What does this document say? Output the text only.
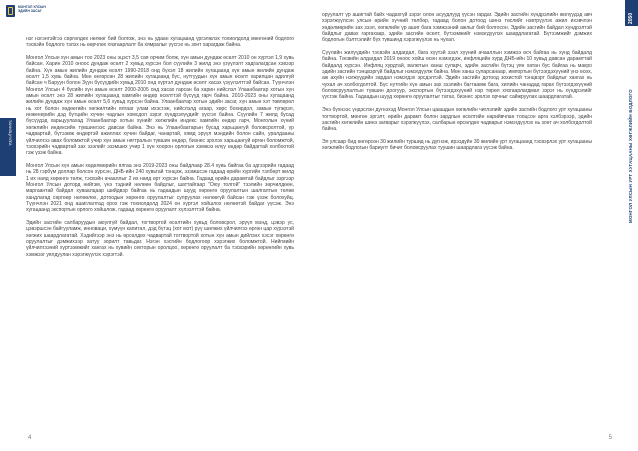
МОНГОЛ УЛСЫН
ЭДИЙН ЗАСАГ
ТАНИЛЦУУЛГА

нэг нэгэнтэйгээ сөргөлдөх нөлөөг бий болгож, энэ нь удаан хугацаанд үргэлжлэх тохиолдолд мөнгөний бодлого тэсвэйн бодлого тэлэх нь өөрчлөх хязгаарлалт ба хямралыг үүсгэх нь зонт харагдаж байна.

Монгол Улсын хүн амын тоо 2023 оны эцэст 3,5 сая орчим болж, хүн амын дундаж өсөлт 2010 он хүртэл 1,9 хувь байсан. Харин 2010 оноос дундаж өсөлт 2 хувьд хүрсэн бол сүүлийн 3 жилд энэ үзүүлэлт хадгалагдсан хэвээр байна. Хүн амын жилийн дундаж өсөлт 1990-2018 онд бүхэл 18 жилийн хугацаанд хүн амын жилийн дундаж өсөлт 1,5 хувь байна. Мөн өнгөрсөн 28 жилийн хугацаанд бүс, нутгуудын хүн амын өсөлт харилцан адилгүй байсан ч Баруун болон Зүүн бүсүүдийн хувьд 2010 онд хүртэл дундаж өсөлт хасах үзүүлэлттэй байсан. Түүнчлэн Монгол Улсын 4 бүсийн хүн амын өсөлт 2000-2005 онд хасах гарсан ба харин нийслэл Улаанбаатар хотын хүн амын өсөлт энэ 28 жилийн хугацаанд хамгийн өндөр өсөлттэй бүсүүд гарч байна. 2010-2023 оны хугацаанд жилийн дундаж хүн амын өсөлт 5,6 хувьд хүрсэн байна. Улаанбаатар хотын эдийн засаг, хүн амын хэт төвлөрөл нь хот болон хөдөөгийн хөгжилтийн ялгааг улам ихэсгэж, нийслэлд агаар, хөрс бохирдол, замын түгжрэл, инженерийн дэд бүтцийн хүчин чадлын хомсдол зэрэг хүндрэлүүдийг үүсгэх байна. Сүүлийн 7 жилд бусад бүсүүдэд харьцуулахад Улаанбаатар хотын хүнийг хөгжлийн индекс хамгийн өндөр гарч, Монголын хүний хөгжлийн индексийн түвшингээс давсан байна. Энэ нь Улаанбаатарын бусад харьцангуй боловсролтой, үр чадвартай, бүтээмж өндөртэй ажиллах хүчин байдаг, чанартай, хямд эрүүл мэндийн болон сайн, уралдааны үйлчилгээ авах боломжтой учир хүн амын нягтралын түвшин өндөр, бизнес эрхлэх харьцангуй өргөн боломжтой, тэсвэрийн чадвартай зах зээлийг эзэмших учир 1 хүн хоорон орлогын хэмжээ илүү өндөр байдагтай холбоотой гэж үзэж байна.

Монгол Улсын хүн амын хөдөлмөрийн ялгаа энэ 2019-2023 оны байдлаар 28.4 хувь байгаа ба эдгээрийн гадаад нь 28 гэрбүм доллар болсон хүрсэн, ДНБ-ийн 240 хувьтай тэнцэж, эзэмшсэн гадаад өрийн хүргийн тэлбөрт жилд 1 их наяд хөрөнгө төлж, тэсвэйн ачааллыг 2 их наяд өрт хүрсэн байна. Гадаад өрийн дарамтай байдлыг зэргээр Монгол Улсын доторд нийгэм, үнэ тэдний нөлөөн байдлыг, шаттайгаар "Оюу толгой" тээлийн зөрчилдөөн, маргаантай байдал хуваалцаар шийдвэр байгаа нь гадаадын шууд хөрөнгө оруулалтын шалгалтын төлөв хандлагад сөргөөр нөлөөлөх, дотоодын хөрөнгө оруулалтыг сулруулах нөлөөгүй байсан гэж үзэж болохуйц. Түүнчлэн 2021 онд ашиглалтад орох гэж тохиолдолд 2024 он хүртэл хойшлох нөлөөтэй байдаг үүсэж. Энэ хугацаанд экспортын орлого хойшлож, гадаад хөрөнгө оруулалт хүлээлттэй байна.

Эдийн засгийн салбаруудын аюулгүй байдал, тогтвортой өсөлтийн хувьд боловсрол, эрүүл мэнд, цэвэр ус, цэвэршсэн байгууламж, инноваци, хүмүүн капитал, дэд бүтэц (хот мэт) рүү шилжих үйлчилгээ өргөн цар хүрээтэй хөгжих шаардлагатай. Хэдийгээр энэ нь өрсөлдөх чадвартай тогтвортой хотын хүн амын дийлэнх хэсэг хөрөнгө оруулалтыг дэмжихээр хатуу зорилт тавьдаг. Нэгэн хэсгийн бодлогоор хэрэгжих боломжтой. Нийгмийн үйлчилгээний хүртээмжийг хангах нь хувийн секторын оролцоо, хөрөнгө оруулалт ба тэсвэрийн хөрөнгийн хувь хэмжээг уялдуулан хэрэгжүүлэх хэрэгтэй.

4

оруулалт үр ашигтай байх чадахгүй зэрэг олон асуудлууд үүсэн гардаг. Эдийн засгийн хүндрэлийн жилүүдэд авч хэрэгжүүлсэн улсын өрийн хүчний төлбөр, гадаад болон дотоод шинэ төслийг нэвтрүүлэх ажил ихэвчлэн хөдөлмөрийн зах зээл, хөгжлийн үр ашиг бага хэмжээний ажлыг бий болгосон. Эдийн засгийн байдал хүндрэлтэй байдлыг давах гаргахаар, эдийн засгийн өсөлт, бүтээмжийг нэмэгдүүлэх шаардлагатай. Бүтээмжийг дэмжих бодлогын бэлтгэлийг бүх түвшинд хэрэгжүүлэх нь чухал.

Сүүлийн жилүүдийн тэсвэйн алдагдал, бага хүүтэй зээл хүүний ачааллын хэмжээ өсч байгаа нь хүнд байдалд байна. Төсвийн алдагдал 2019 оноос хойш өсөн нэмэгдэж, инфляцийн хурд ДНБ-ийн 10 хувьд давсан дарамттай байдалд хүрсэн. Инфляц хурдтай, валютын ханш суларч, эдийн засгийн бүтэц уян хатан бус байгаа нь макро эдийн засгийн тэнцвэргүй байдлыг нэмэгдүүлж байна. Мөн ханш суларсанаар, импортын бүтээгдэхүүний үнэ өсөх, аж ахуйн нэгжүүдийн зардал нэмэгдэх эрсдэлтэй. Эдийн засгийн дотоод зохистой тэнцвэрт байдлыг хангах нь чухал ач холбогдолтой. Бүс нутгийн хүн амын зах зээлийн багтаамж бага, хилийн чанадад гарах бүтээгдэхүүний боловсруулалтын түвшин доогуур, экспортын бүтээгдэхүүний нэр төрөл хязгаарлагдмал зэрэг нь хүндрэлийг үүсгэж байна. Гадаадын шууд хөрөнгө оруулалтыг татах, бизнес эрхлэх орчныг сайжруулах шаардлагатай.

Энэ бүхнээс үндэслэн дүгнэхэд Монгол Улсын цаашдын хөгжлийн чиглэлийг эдийн засгийн бодлого урт хугацааны тогтвортой, мөнгөн эргэлт, өрийн дарамт болон зардлын өсөлтийн нарийвчлан тооцсон арга хэлбэрээр, эдийн засгийн хөгжлийн шинэ загварыг хэрэгжүүлэх, салбарын өрсөлдөх чадварыг нэмэгдүүлэх нь зонт ач холбогдолтой байна.

Эл улсаар бид өнгөрсөн 30 жилийн туршид нь дүгнэж, ирээдүйн 30 жилийн урт хугацаанд тэсвэрлэх урт хугацааны хөгжлийн бодлогын бариулт бичиг боловсруулах туушин шаардлага үүсэж байна.

2050
МОНГОЛ УЛСЫН УРТ ХУГАЦААНЫ ХӨГЖЛИЙН БОДЛОГО
5
